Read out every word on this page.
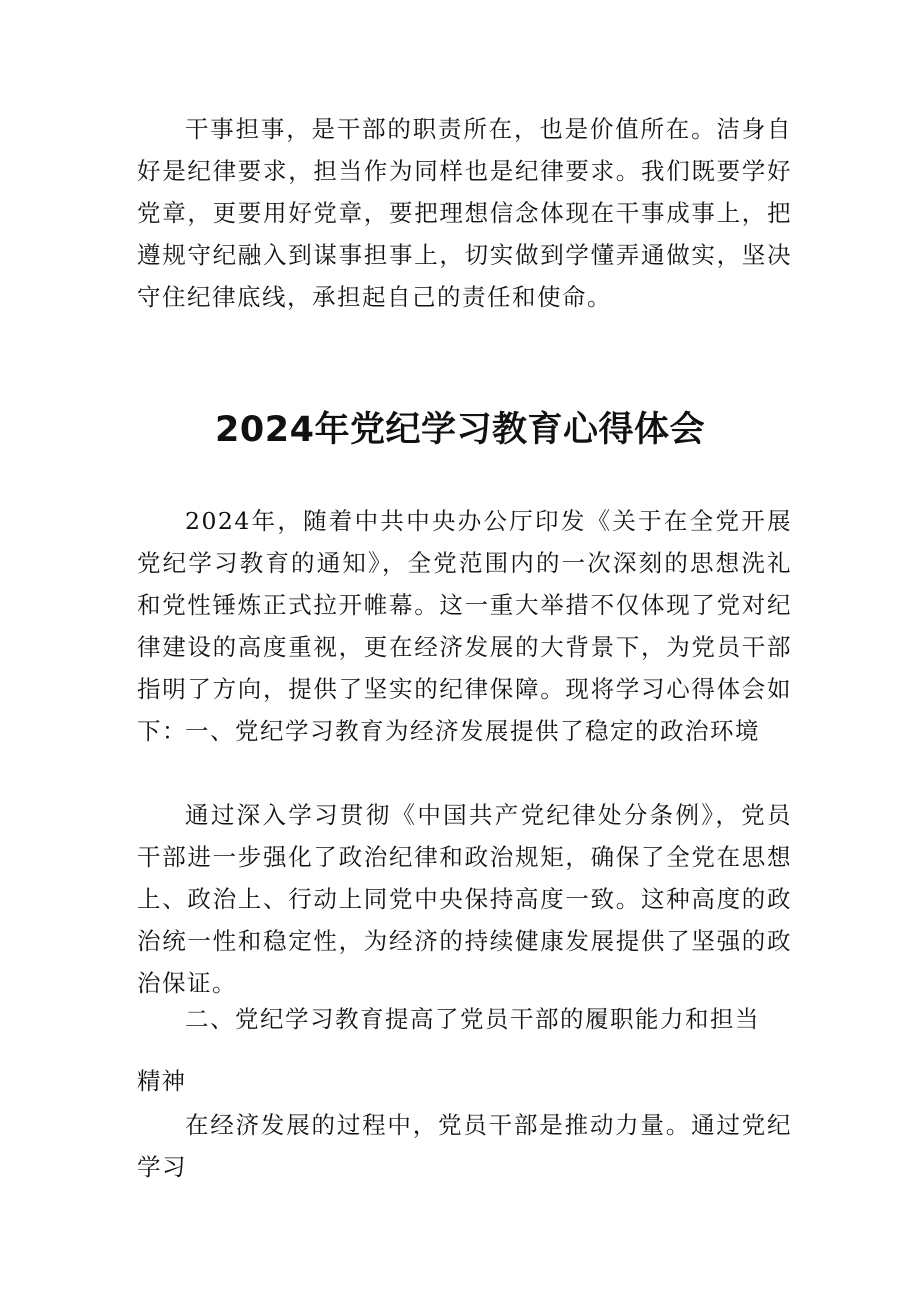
干事担事，是干部的职责所在，也是价值所在。洁身自好是纪律要求，担当作为同样也是纪律要求。我们既要学好党章，更要用好党章，要把理想信念体现在干事成事上，把遵规守纪融入到谋事担事上，切实做到学懂弄通做实，坚决守住纪律底线，承担起自己的责任和使命。

2024年党纪学习教育心得体会

2024年，随着中共中央办公厅印发《关于在全党开展党纪学习教育的通知》，全党范围内的一次深刻的思想洗礼和党性锤炼正式拉开帷幕。这一重大举措不仅体现了党对纪律建设的高度重视，更在经济发展的大背景下，为党员干部指明了方向，提供了坚实的纪律保障。现将学习心得体会如下：

一、党纪学习教育为经济发展提供了稳定的政治环境

通过深入学习贯彻《中国共产党纪律处分条例》，党员干部进一步强化了政治纪律和政治规矩，确保了全党在思想上、政治上、行动上同党中央保持高度一致。这种高度的政治统一性和稳定性，为经济的持续健康发展提供了坚强的政治保证。

二、党纪学习教育提高了党员干部的履职能力和担当

精神

在经济发展的过程中，党员干部是推动力量。通过党纪学习
